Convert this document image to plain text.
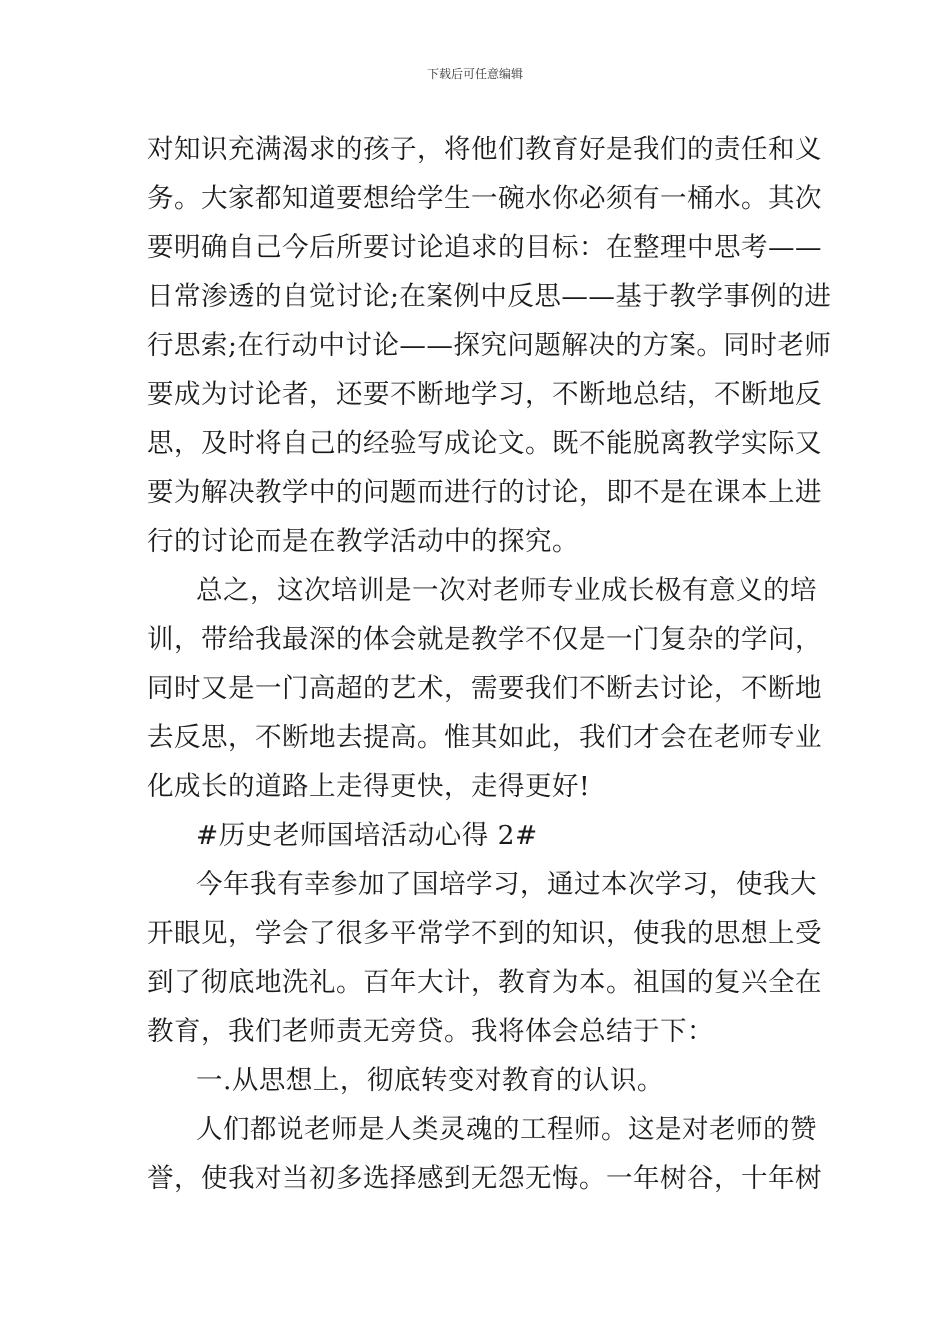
下载后可任意编辑
对知识充满渴求的孩子，将他们教育好是我们的责任和义
务。大家都知道要想给学生一碗水你必须有一桶水。其次
要明确自己今后所要讨论追求的目标：在整理中思考——
日常渗透的自觉讨论;在案例中反思——基于教学事例的进
行思索;在行动中讨论——探究问题解决的方案。同时老师
要成为讨论者，还要不断地学习，不断地总结，不断地反
思，及时将自己的经验写成论文。既不能脱离教学实际又
要为解决教学中的问题而进行的讨论，即不是在课本上进
行的讨论而是在教学活动中的探究。
总之，这次培训是一次对老师专业成长极有意义的培
训，带给我最深的体会就是教学不仅是一门复杂的学问，
同时又是一门高超的艺术，需要我们不断去讨论，不断地
去反思，不断地去提高。惟其如此，我们才会在老师专业
化成长的道路上走得更快，走得更好!
#历史老师国培活动心得 2#
今年我有幸参加了国培学习，通过本次学习，使我大
开眼见，学会了很多平常学不到的知识，使我的思想上受
到了彻底地洗礼。百年大计，教育为本。祖国的复兴全在
教育，我们老师责无旁贷。我将体会总结于下：
一.从思想上，彻底转变对教育的认识。
人们都说老师是人类灵魂的工程师。这是对老师的赞
誉，使我对当初多选择感到无怨无悔。一年树谷，十年树
